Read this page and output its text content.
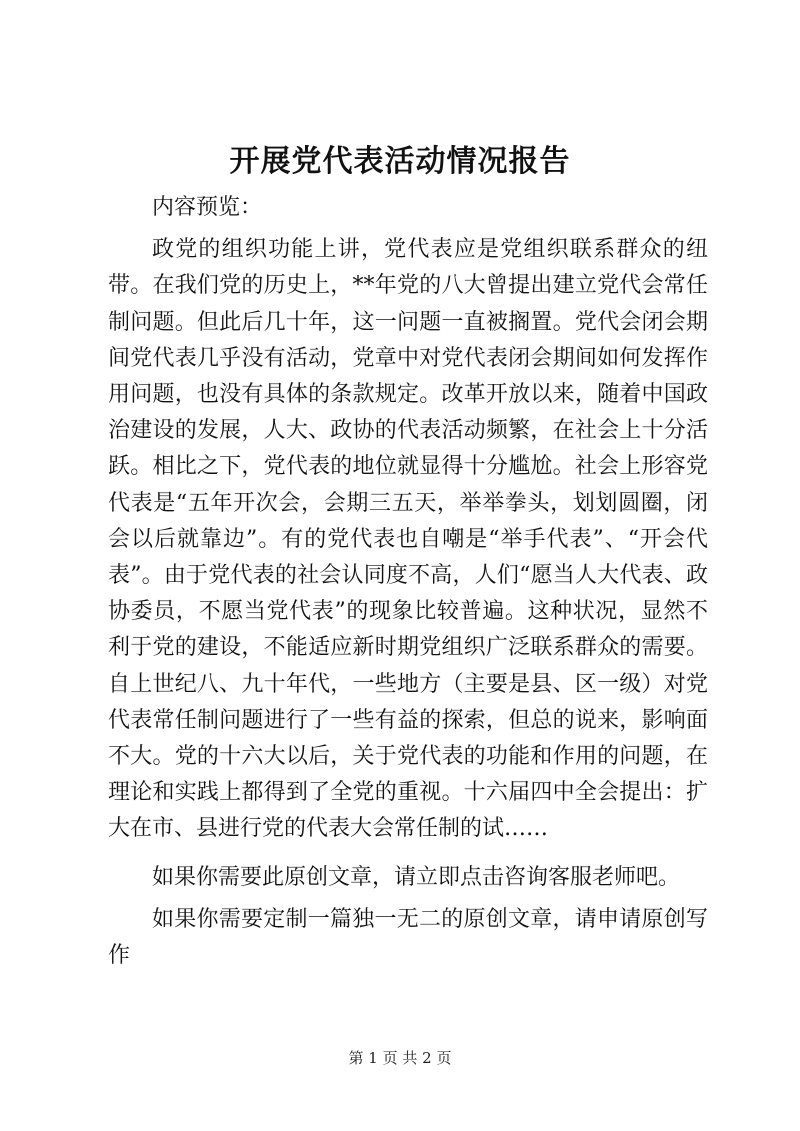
开展党代表活动情况报告

内容预览：

政党的组织功能上讲，党代表应是党组织联系群众的纽带。在我们党的历史上，**年党的八大曾提出建立党代会常任制问题。但此后几十年，这一问题一直被搁置。党代会闭会期间党代表几乎没有活动，党章中对党代表闭会期间如何发挥作用问题，也没有具体的条款规定。改革开放以来，随着中国政治建设的发展，人大、政协的代表活动频繁，在社会上十分活跃。相比之下，党代表的地位就显得十分尴尬。社会上形容党代表是“五年开次会，会期三五天，举举拳头，划划圆圈，闭会以后就靠边”。有的党代表也自嘲是“举手代表”、“开会代表”。由于党代表的社会认同度不高，人们“愿当人大代表、政协委员，不愿当党代表”的现象比较普遍。这种状况，显然不利于党的建设，不能适应新时期党组织广泛联系群众的需要。自上世纪八、九十年代，一些地方（主要是县、区一级）对党代表常任制问题进行了一些有益的探索，但总的说来，影响面不大。党的十六大以后，关于党代表的功能和作用的问题，在理论和实践上都得到了全党的重视。十六届四中全会提出：扩大在市、县进行党的代表大会常任制的试……

如果你需要此原创文章，请立即点击咨询客服老师吧。

如果你需要定制一篇独一无二的原创文章，请申请原创写作

第 1 页 共 2 页
